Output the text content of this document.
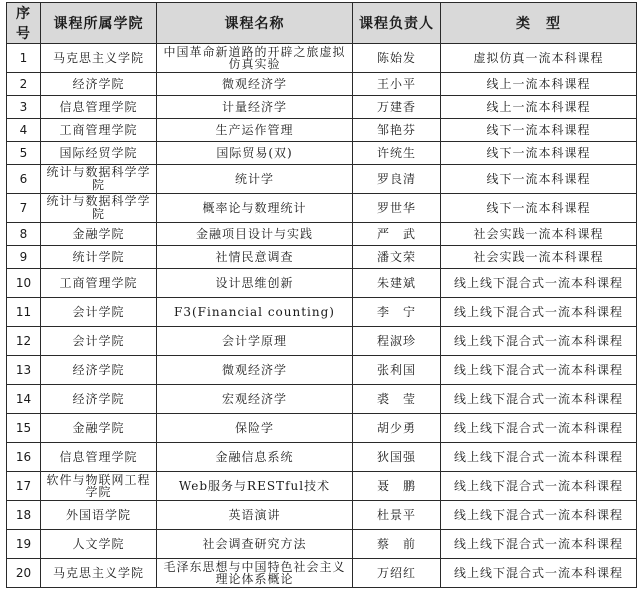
序号	课程所属学院	课程名称	课程负责人	类　型
1	马克思主义学院	中国革命新道路的开辟之旅虚拟仿真实验	陈始发	虚拟仿真一流本科课程
2	经济学院	微观经济学	王小平	线上一流本科课程
3	信息管理学院	计量经济学	万建香	线上一流本科课程
4	工商管理学院	生产运作管理	邹艳芬	线下一流本科课程
5	国际经贸学院	国际贸易(双)	许统生	线下一流本科课程
6	统计与数据科学学院	统计学	罗良清	线下一流本科课程
7	统计与数据科学学院	概率论与数理统计	罗世华	线下一流本科课程
8	金融学院	金融项目设计与实践	严　武	社会实践一流本科课程
9	统计学院	社情民意调查	潘文荣	社会实践一流本科课程
10	工商管理学院	设计思维创新	朱建斌	线上线下混合式一流本科课程
11	会计学院	F3(Financial counting)	李　宁	线上线下混合式一流本科课程
12	会计学院	会计学原理	程淑珍	线上线下混合式一流本科课程
13	经济学院	微观经济学	张利国	线上线下混合式一流本科课程
14	经济学院	宏观经济学	裘　莹	线上线下混合式一流本科课程
15	金融学院	保险学	胡少勇	线上线下混合式一流本科课程
16	信息管理学院	金融信息系统	狄国强	线上线下混合式一流本科课程
17	软件与物联网工程学院	Web服务与RESTful技术	聂　鹏	线上线下混合式一流本科课程
18	外国语学院	英语演讲	杜景平	线上线下混合式一流本科课程
19	人文学院	社会调查研究方法	蔡　前	线上线下混合式一流本科课程
20	马克思主义学院	毛泽东思想与中国特色社会主义理论体系概论	万绍红	线上线下混合式一流本科课程
